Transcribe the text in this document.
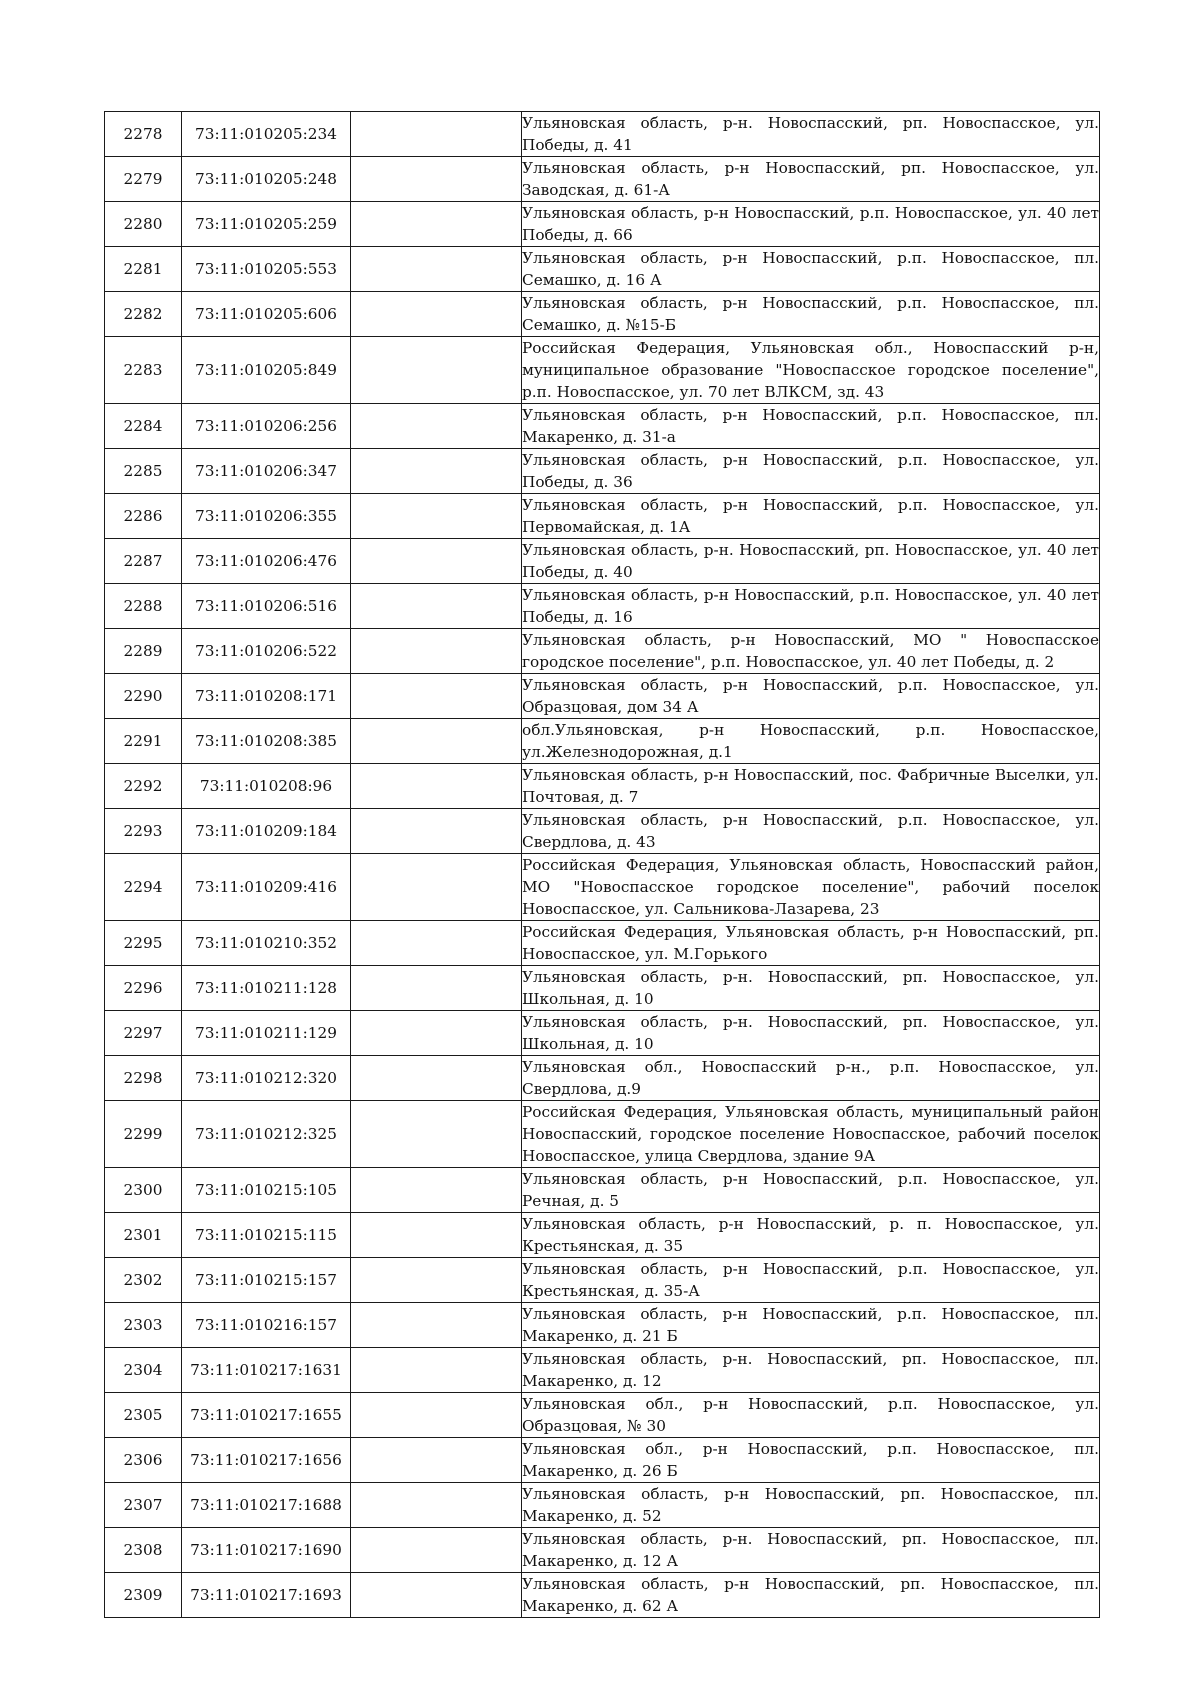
2278	73:11:010205:234		Ульяновская область, р-н. Новоспасский, рп. Новоспасское, ул. Победы, д. 41
2279	73:11:010205:248		Ульяновская область, р-н Новоспасский, рп. Новоспасское, ул. Заводская, д. 61-А
2280	73:11:010205:259		Ульяновская область, р-н Новоспасский, р.п. Новоспасское, ул. 40 лет Победы, д. 66
2281	73:11:010205:553		Ульяновская область, р-н Новоспасский, р.п. Новоспасское, пл. Семашко, д. 16 А
2282	73:11:010205:606		Ульяновская область, р-н Новоспасский, р.п. Новоспасское, пл. Семашко, д. №15-Б
2283	73:11:010205:849		Российская Федерация, Ульяновская обл., Новоспасский р-н, муниципальное образование "Новоспасское городское поселение", р.п. Новоспасское, ул. 70 лет ВЛКСМ, зд. 43
2284	73:11:010206:256		Ульяновская область, р-н Новоспасский, р.п. Новоспасское, пл. Макаренко, д. 31-а
2285	73:11:010206:347		Ульяновская область, р-н Новоспасский, р.п. Новоспасское, ул. Победы, д. 36
2286	73:11:010206:355		Ульяновская область, р-н Новоспасский, р.п. Новоспасское, ул. Первомайская, д. 1А
2287	73:11:010206:476		Ульяновская область, р-н. Новоспасский, рп. Новоспасское, ул. 40 лет Победы, д. 40
2288	73:11:010206:516		Ульяновская область, р-н Новоспасский, р.п. Новоспасское, ул. 40 лет Победы, д. 16
2289	73:11:010206:522		Ульяновская область, р-н Новоспасский, МО " Новоспасское городское поселение", р.п. Новоспасское, ул. 40 лет Победы, д. 2
2290	73:11:010208:171		Ульяновская область, р-н Новоспасский, р.п. Новоспасское, ул. Образцовая, дом 34 А
2291	73:11:010208:385		обл.Ульяновская, р-н Новоспасский, р.п. Новоспасское, ул.Железнодорожная, д.1
2292	73:11:010208:96		Ульяновская область, р-н Новоспасский, пос. Фабричные Выселки, ул. Почтовая, д. 7
2293	73:11:010209:184		Ульяновская область, р-н Новоспасский, р.п. Новоспасское, ул. Свердлова, д. 43
2294	73:11:010209:416		Российская Федерация, Ульяновская область, Новоспасский район, МО "Новоспасское городское поселение", рабочий поселок Новоспасское, ул. Сальникова-Лазарева, 23
2295	73:11:010210:352		Российская Федерация, Ульяновская область, р-н Новоспасский, рп. Новоспасское, ул. М.Горького
2296	73:11:010211:128		Ульяновская область, р-н. Новоспасский, рп. Новоспасское, ул. Школьная, д. 10
2297	73:11:010211:129		Ульяновская область, р-н. Новоспасский, рп. Новоспасское, ул. Школьная, д. 10
2298	73:11:010212:320		Ульяновская обл., Новоспасский р-н., р.п. Новоспасское, ул. Свердлова, д.9
2299	73:11:010212:325		Российская Федерация, Ульяновская область, муниципальный район Новоспасский, городское поселение Новоспасское, рабочий поселок Новоспасское, улица Свердлова, здание 9А
2300	73:11:010215:105		Ульяновская область, р-н Новоспасский, р.п. Новоспасское, ул. Речная, д. 5
2301	73:11:010215:115		Ульяновская область, р-н Новоспасский, р. п. Новоспасское, ул. Крестьянская, д. 35
2302	73:11:010215:157		Ульяновская область, р-н Новоспасский, р.п. Новоспасское, ул. Крестьянская, д. 35-А
2303	73:11:010216:157		Ульяновская область, р-н Новоспасский, р.п. Новоспасское, пл. Макаренко, д. 21 Б
2304	73:11:010217:1631		Ульяновская область, р-н. Новоспасский, рп. Новоспасское, пл. Макаренко, д. 12
2305	73:11:010217:1655		Ульяновская обл., р-н Новоспасский, р.п. Новоспасское, ул. Образцовая, № 30
2306	73:11:010217:1656		Ульяновская обл., р-н Новоспасский, р.п. Новоспасское, пл. Макаренко, д. 26 Б
2307	73:11:010217:1688		Ульяновская область, р-н Новоспасский, рп. Новоспасское, пл. Макаренко, д. 52
2308	73:11:010217:1690		Ульяновская область, р-н. Новоспасский, рп. Новоспасское, пл. Макаренко, д. 12 А
2309	73:11:010217:1693		Ульяновская область, р-н Новоспасский, рп. Новоспасское, пл. Макаренко, д. 62 А
